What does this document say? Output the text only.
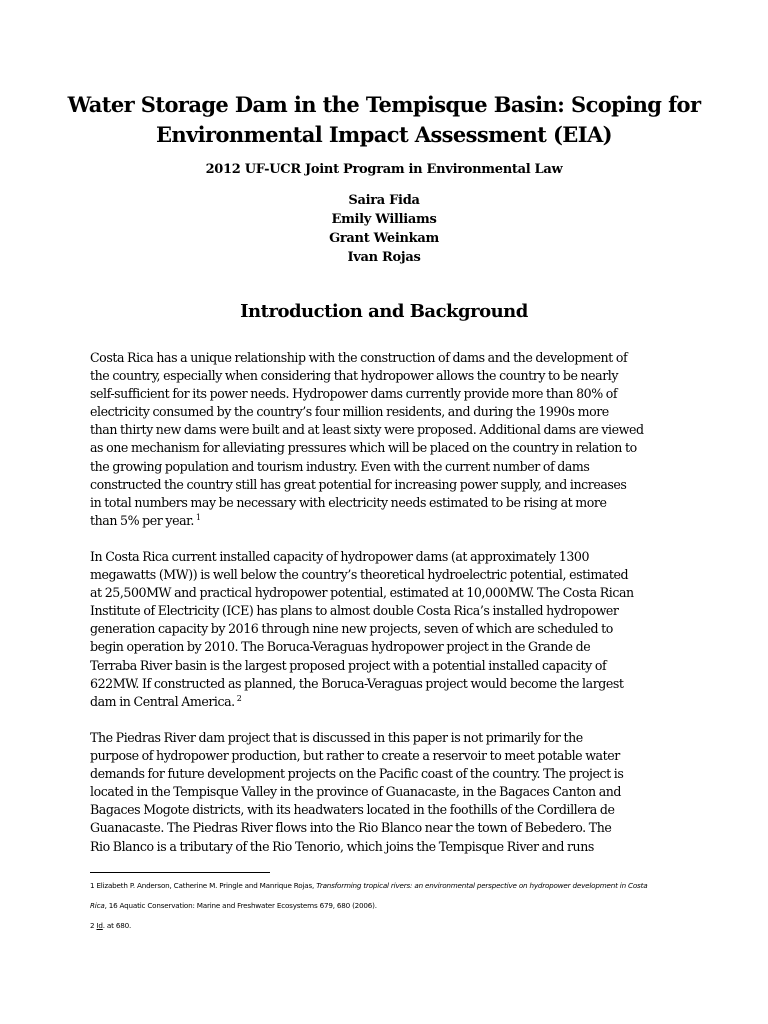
Water Storage Dam in the Tempisque Basin: Scoping for
Environmental Impact Assessment (EIA)
2012 UF-UCR Joint Program in Environmental Law
Saira Fida
Emily Williams
Grant Weinkam
Ivan Rojas
Introduction and Background
Costa Rica has a unique relationship with the construction of dams and the development of
the country, especially when considering that hydropower allows the country to be nearly
self-sufficient for its power needs. Hydropower dams currently provide more than 80% of
electricity consumed by the country’s four million residents, and during the 1990s more
than thirty new dams were built and at least sixty were proposed. Additional dams are viewed
as one mechanism for alleviating pressures which will be placed on the country in relation to
the growing population and tourism industry. Even with the current number of dams
constructed the country still has great potential for increasing power supply, and increases
in total numbers may be necessary with electricity needs estimated to be rising at more
than 5% per year. $^1$
In Costa Rica current installed capacity of hydropower dams (at approximately 1300
megawatts (MW)) is well below the country’s theoretical hydroelectric potential, estimated
at 25,500MW and practical hydropower potential, estimated at 10,000MW. The Costa Rican
Institute of Electricity (ICE) has plans to almost double Costa Rica’s installed hydropower
generation capacity by 2016 through nine new projects, seven of which are scheduled to
begin operation by 2010. The Boruca-Veraguas hydropower project in the Grande de
Terraba River basin is the largest proposed project with a potential installed capacity of
622MW. If constructed as planned, the Boruca-Veraguas project would become the largest
dam in Central America. $^2$
The Piedras River dam project that is discussed in this paper is not primarily for the
purpose of hydropower production, but rather to create a reservoir to meet potable water
demands for future development projects on the Pacific coast of the country. The project is
located in the Tempisque Valley in the province of Guanacaste, in the Bagaces Canton and
Bagaces Mogote districts, with its headwaters located in the foothills of the Cordillera de
Guanacaste. The Piedras River flows into the Rio Blanco near the town of Bebedero. The
Rio Blanco is a tributary of the Rio Tenorio, which joins the Tempisque River and runs
1 Elizabeth P. Anderson, Catherine M. Pringle and Manrique Rojas, Transforming tropical rivers: an environmental perspective on hydropower development in Costa
Rica, 16 Aquatic Conservation: Marine and Freshwater Ecosystems 679, 680 (2006).
2 Id. at 680.
